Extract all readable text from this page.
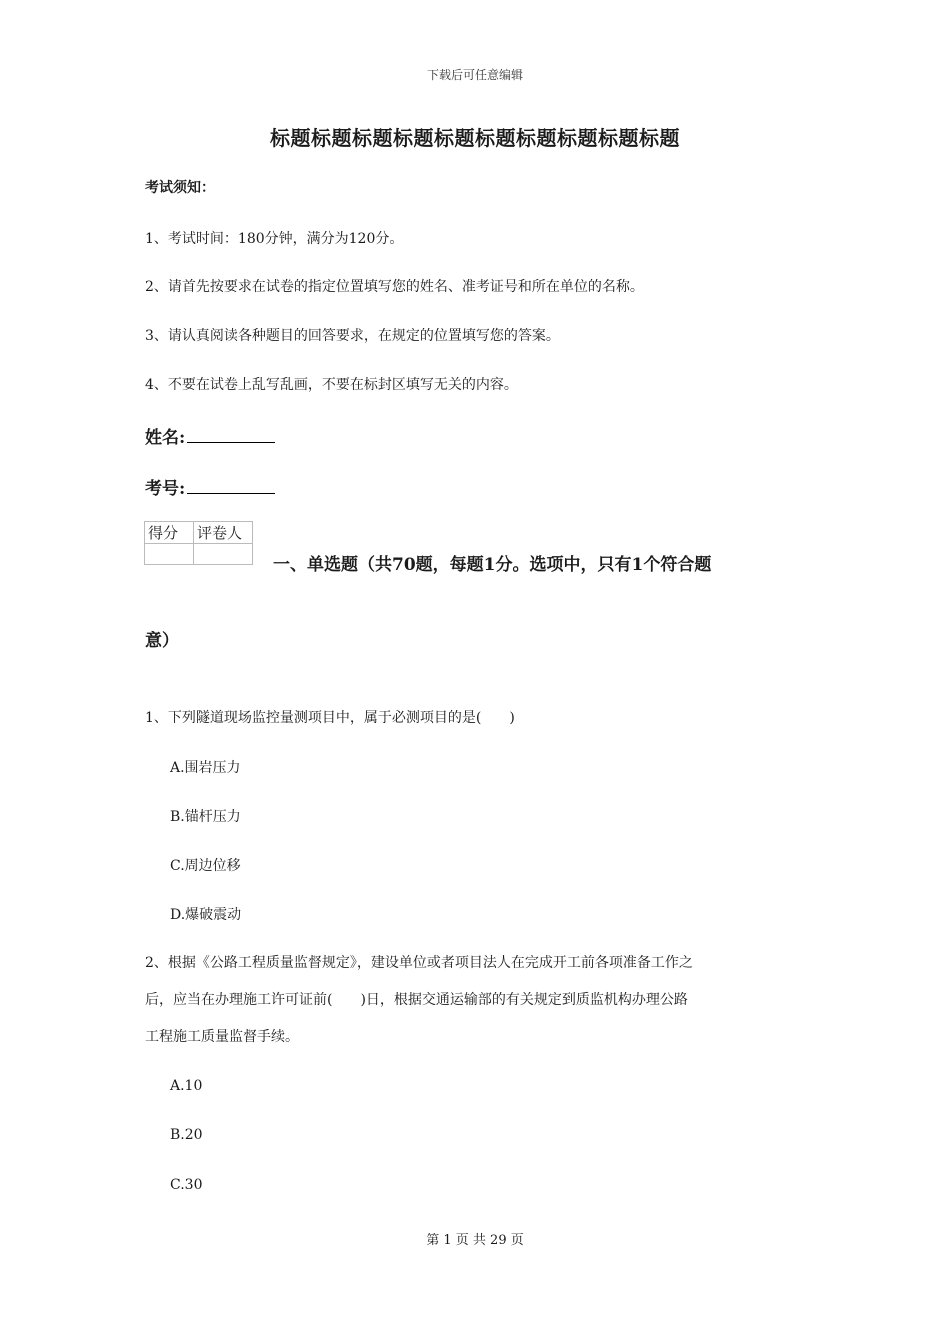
下载后可任意编辑
标题标题标题标题标题标题标题标题标题标题
考试须知：
1、考试时间：180分钟，满分为120分。
2、请首先按要求在试卷的指定位置填写您的姓名、准考证号和所在单位的名称。
3、请认真阅读各种题目的回答要求，在规定的位置填写您的答案。
4、不要在试卷上乱写乱画，不要在标封区填写无关的内容。
姓名:
考号:
得分	评卷人

一、单选题（共70题，每题1分。选项中，只有1个符合题
意）
1、下列隧道现场监控量测项目中，属于必测项目的是(　　)
A.围岩压力
B.锚杆压力
C.周边位移
D.爆破震动
2、根据《公路工程质量监督规定》，建设单位或者项目法人在完成开工前各项准备工作之
后，应当在办理施工许可证前(　　)日，根据交通运输部的有关规定到质监机构办理公路
工程施工质量监督手续。
A.10
B.20
C.30
第 1 页 共 29 页
